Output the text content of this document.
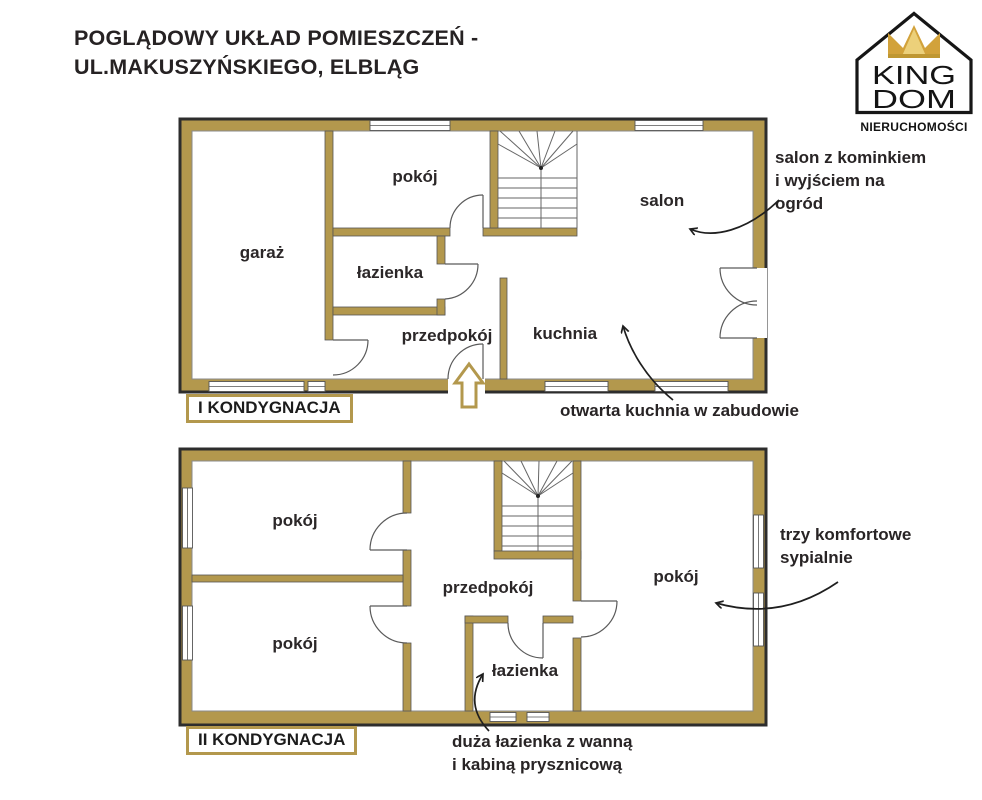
POGLĄDOWY UKŁAD POMIESZCZEŃ -
UL.MAKUSZYŃSKIEGO, ELBLĄG	KING
DOM
NIERUCHOMOŚCI
garaż
pokój
łazienka
przedpokój kuchnia
salon
I KONDYGNACJA
pokój
pokój
przedpokój
pokój
łazienka
II KONDYGNACJA
salon z kominkiem
i wyjściem na
ogród
otwarta kuchnia w zabudowie
trzy komfortowe
sypialnie
duża łazienka z wanną
i kabiną prysznicową
